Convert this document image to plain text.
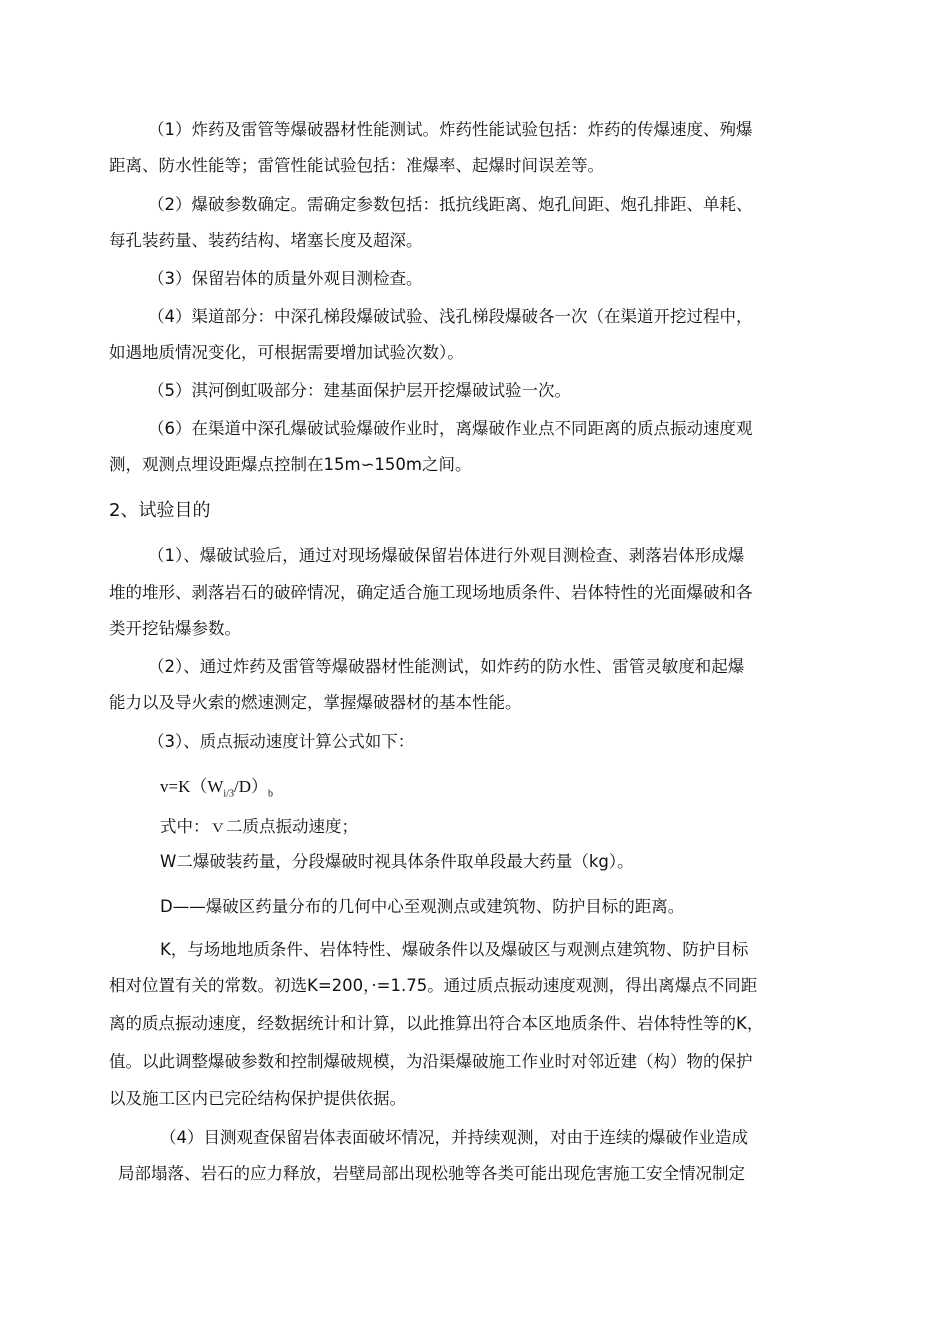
（1）炸药及雷管等爆破器材性能测试。炸药性能试验包括：炸药的传爆速度、殉爆

距离、防水性能等；雷管性能试验包括：准爆率、起爆时间误差等。

（2）爆破参数确定。需确定参数包括：抵抗线距离、炮孔间距、炮孔排距、单耗、

每孔装药量、装药结构、堵塞长度及超深。

（3）保留岩体的质量外观目测检查。

（4）渠道部分：中深孔梯段爆破试验、浅孔梯段爆破各一次（在渠道开挖过程中，

如遇地质情况变化，可根据需要增加试验次数）。

（5）淇河倒虹吸部分：建基面保护层开挖爆破试验一次。

（6）在渠道中深孔爆破试验爆破作业时，离爆破作业点不同距离的质点振动速度观

测，观测点埋设距爆点控制在15m∽150m之间。

2、试验目的

（1）、爆破试验后，通过对现场爆破保留岩体进行外观目测检查、剥落岩体形成爆

堆的堆形、剥落岩石的破碎情况，确定适合施工现场地质条件、岩体特性的光面爆破和各

类开挖钻爆参数。

（2）、通过炸药及雷管等爆破器材性能测试，如炸药的防水性、雷管灵敏度和起爆

能力以及导火索的燃速测定，掌握爆破器材的基本性能。

（3）、质点振动速度计算公式如下：

$v=K(W_{i/3}/D)_b$

式中：ｖ二质点振动速度；

W二爆破装药量，分段爆破时视具体条件取单段最大药量（kg）。

D——爆破区药量分布的几何中心至观测点或建筑物、防护目标的距离。

K，与场地地质条件、岩体特性、爆破条件以及爆破区与观测点建筑物、防护目标

相对位置有关的常数。初选K=200，·=1.75。通过质点振动速度观测，得出离爆点不同距

离的质点振动速度，经数据统计和计算，以此推算出符合本区地质条件、岩体特性等的K，

值。以此调整爆破参数和控制爆破规模，为沿渠爆破施工作业时对邻近建（构）物的保护

以及施工区内已完砼结构保护提供依据。

（4）目测观查保留岩体表面破坏情况，并持续观测，对由于连续的爆破作业造成

局部塌落、岩石的应力释放，岩壁局部出现松驰等各类可能出现危害施工安全情况制定
